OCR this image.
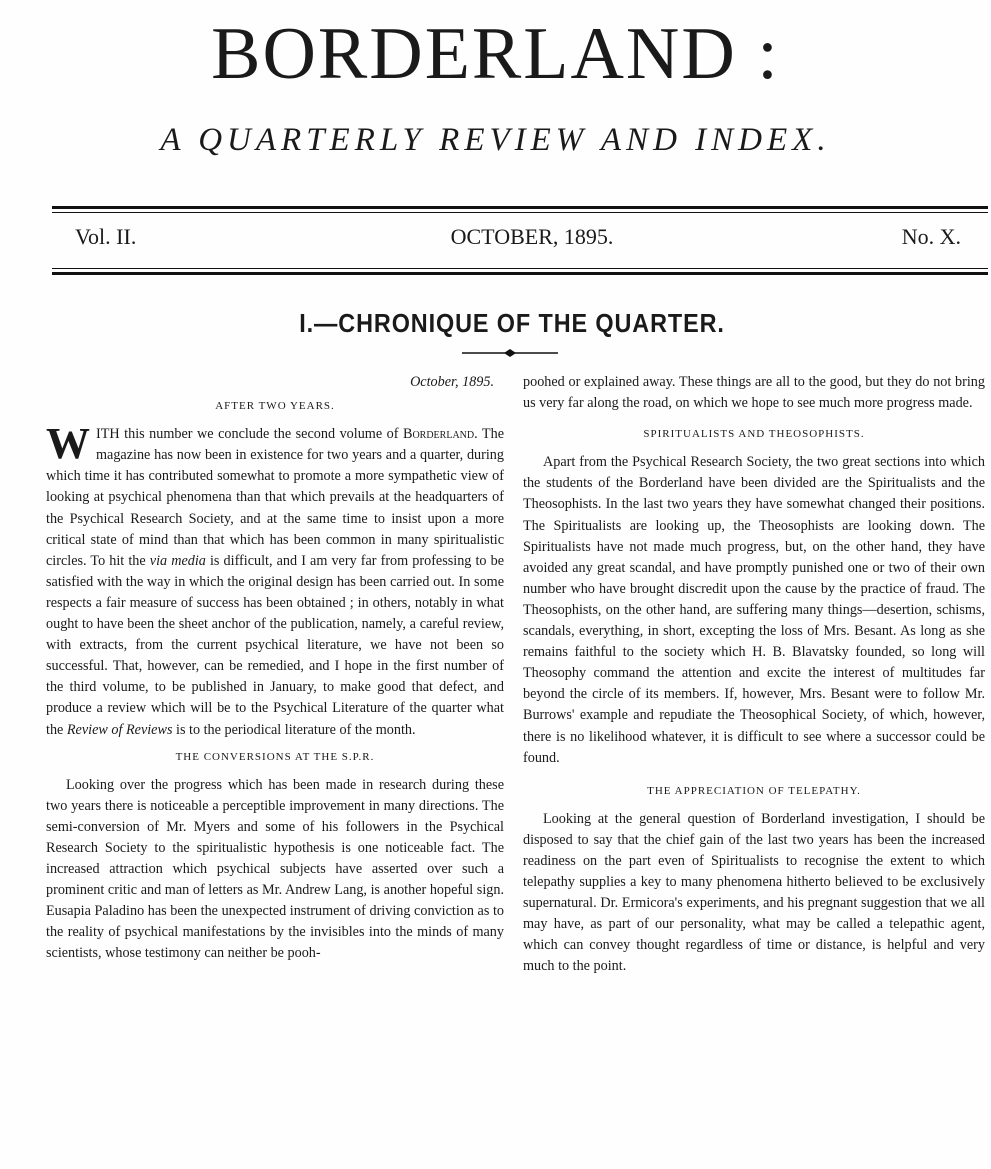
BORDERLAND :
A QUARTERLY REVIEW AND INDEX.
Vol. II.	OCTOBER, 1895.	No. X.
I.—CHRONIQUE OF THE QUARTER.
October, 1895.
AFTER TWO YEARS.

WITH this number we conclude the second volume of Borderland. The magazine has now been in existence for two years and a quarter, during which time it has contributed somewhat to promote a more sympathetic view of looking at psychical phenomena than that which prevails at the headquarters of the Psychical Research Society, and at the same time to insist upon a more critical state of mind than that which has been common in many spiritualistic circles. To hit the via media is difficult, and I am very far from professing to be satisfied with the way in which the original design has been carried out. In some respects a fair measure of success has been obtained ; in others, notably in what ought to have been the sheet anchor of the publication, namely, a careful review, with extracts, from the current psychical literature, we have not been so successful. That, however, can be remedied, and I hope in the first number of the third volume, to be published in January, to make good that defect, and produce a review which will be to the Psychical Literature of the quarter what the Review of Reviews is to the periodical literature of the month.

THE CONVERSIONS AT THE S.P.R.

Looking over the progress which has been made in research during these two years there is noticeable a perceptible improvement in many directions. The semi-conversion of Mr. Myers and some of his followers in the Psychical Research Society to the spiritualistic hypothesis is one noticeable fact. The increased attraction which psychical subjects have asserted over such a prominent critic and man of letters as Mr. Andrew Lang, is another hopeful sign. Eusapia Paladino has been the unexpected instrument of driving conviction as to the reality of psychical manifestations by the invisibles into the minds of many scientists, whose testimony can neither be pooh-

poohed or explained away. These things are all to the good, but they do not bring us very far along the road, on which we hope to see much more progress made.

SPIRITUALISTS AND THEOSOPHISTS.

Apart from the Psychical Research Society, the two great sections into which the students of the Borderland have been divided are the Spiritualists and the Theosophists. In the last two years they have somewhat changed their positions. The Spiritualists are looking up, the Theosophists are looking down. The Spiritualists have not made much progress, but, on the other hand, they have avoided any great scandal, and have promptly punished one or two of their own number who have brought discredit upon the cause by the practice of fraud. The Theosophists, on the other hand, are suffering many things—desertion, schisms, scandals, everything, in short, excepting the loss of Mrs. Besant. As long as she remains faithful to the society which H. B. Blavatsky founded, so long will Theosophy command the attention and excite the interest of multitudes far beyond the circle of its members. If, however, Mrs. Besant were to follow Mr. Burrows' example and repudiate the Theosophical Society, of which, however, there is no likelihood whatever, it is difficult to see where a successor could be found.

THE APPRECIATION OF TELEPATHY.

Looking at the general question of Borderland investigation, I should be disposed to say that the chief gain of the last two years has been the increased readiness on the part even of Spiritualists to recognise the extent to which telepathy supplies a key to many phenomena hitherto believed to be exclusively supernatural. Dr. Ermicora's experiments, and his pregnant suggestion that we all may have, as part of our personality, what may be called a telepathic agent, which can convey thought regardless of time or distance, is helpful and very much to the point.
